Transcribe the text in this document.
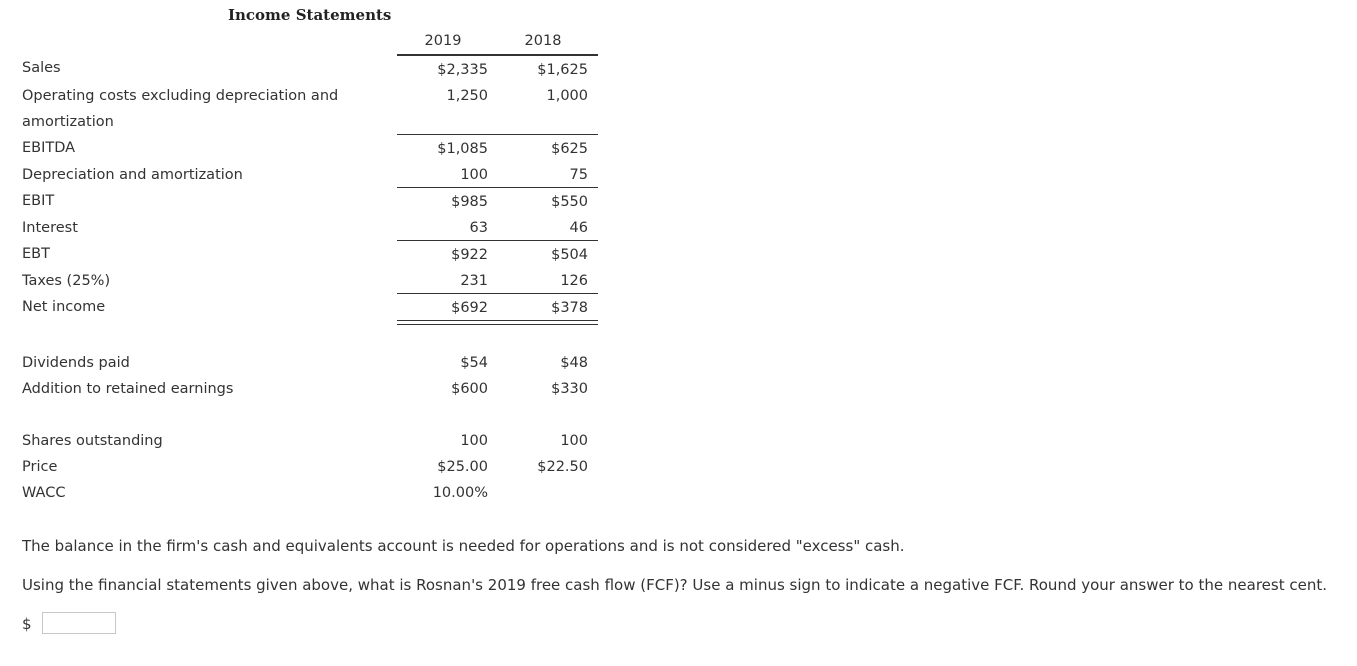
Income Statements
2019	2018
Sales	$2,335	$1,625
Operating costs excluding depreciation and
amortization
1,250	1,000
EBITDA	$1,085	$625
Depreciation and amortization	100	75
EBIT	$985	$550
Interest	63	46
EBT	$922	$504
Taxes (25%)	231	126
Net income	$692	$378
Dividends paid	$54	$48
Addition to retained earnings	$600	$330
Shares outstanding	100	100
Price	$25.00	$22.50
WACC	10.00%
The balance in the firm's cash and equivalents account is needed for operations and is not considered "excess" cash.
Using the financial statements given above, what is Rosnan's 2019 free cash flow (FCF)? Use a minus sign to indicate a negative FCF. Round your answer to the nearest cent.
$
